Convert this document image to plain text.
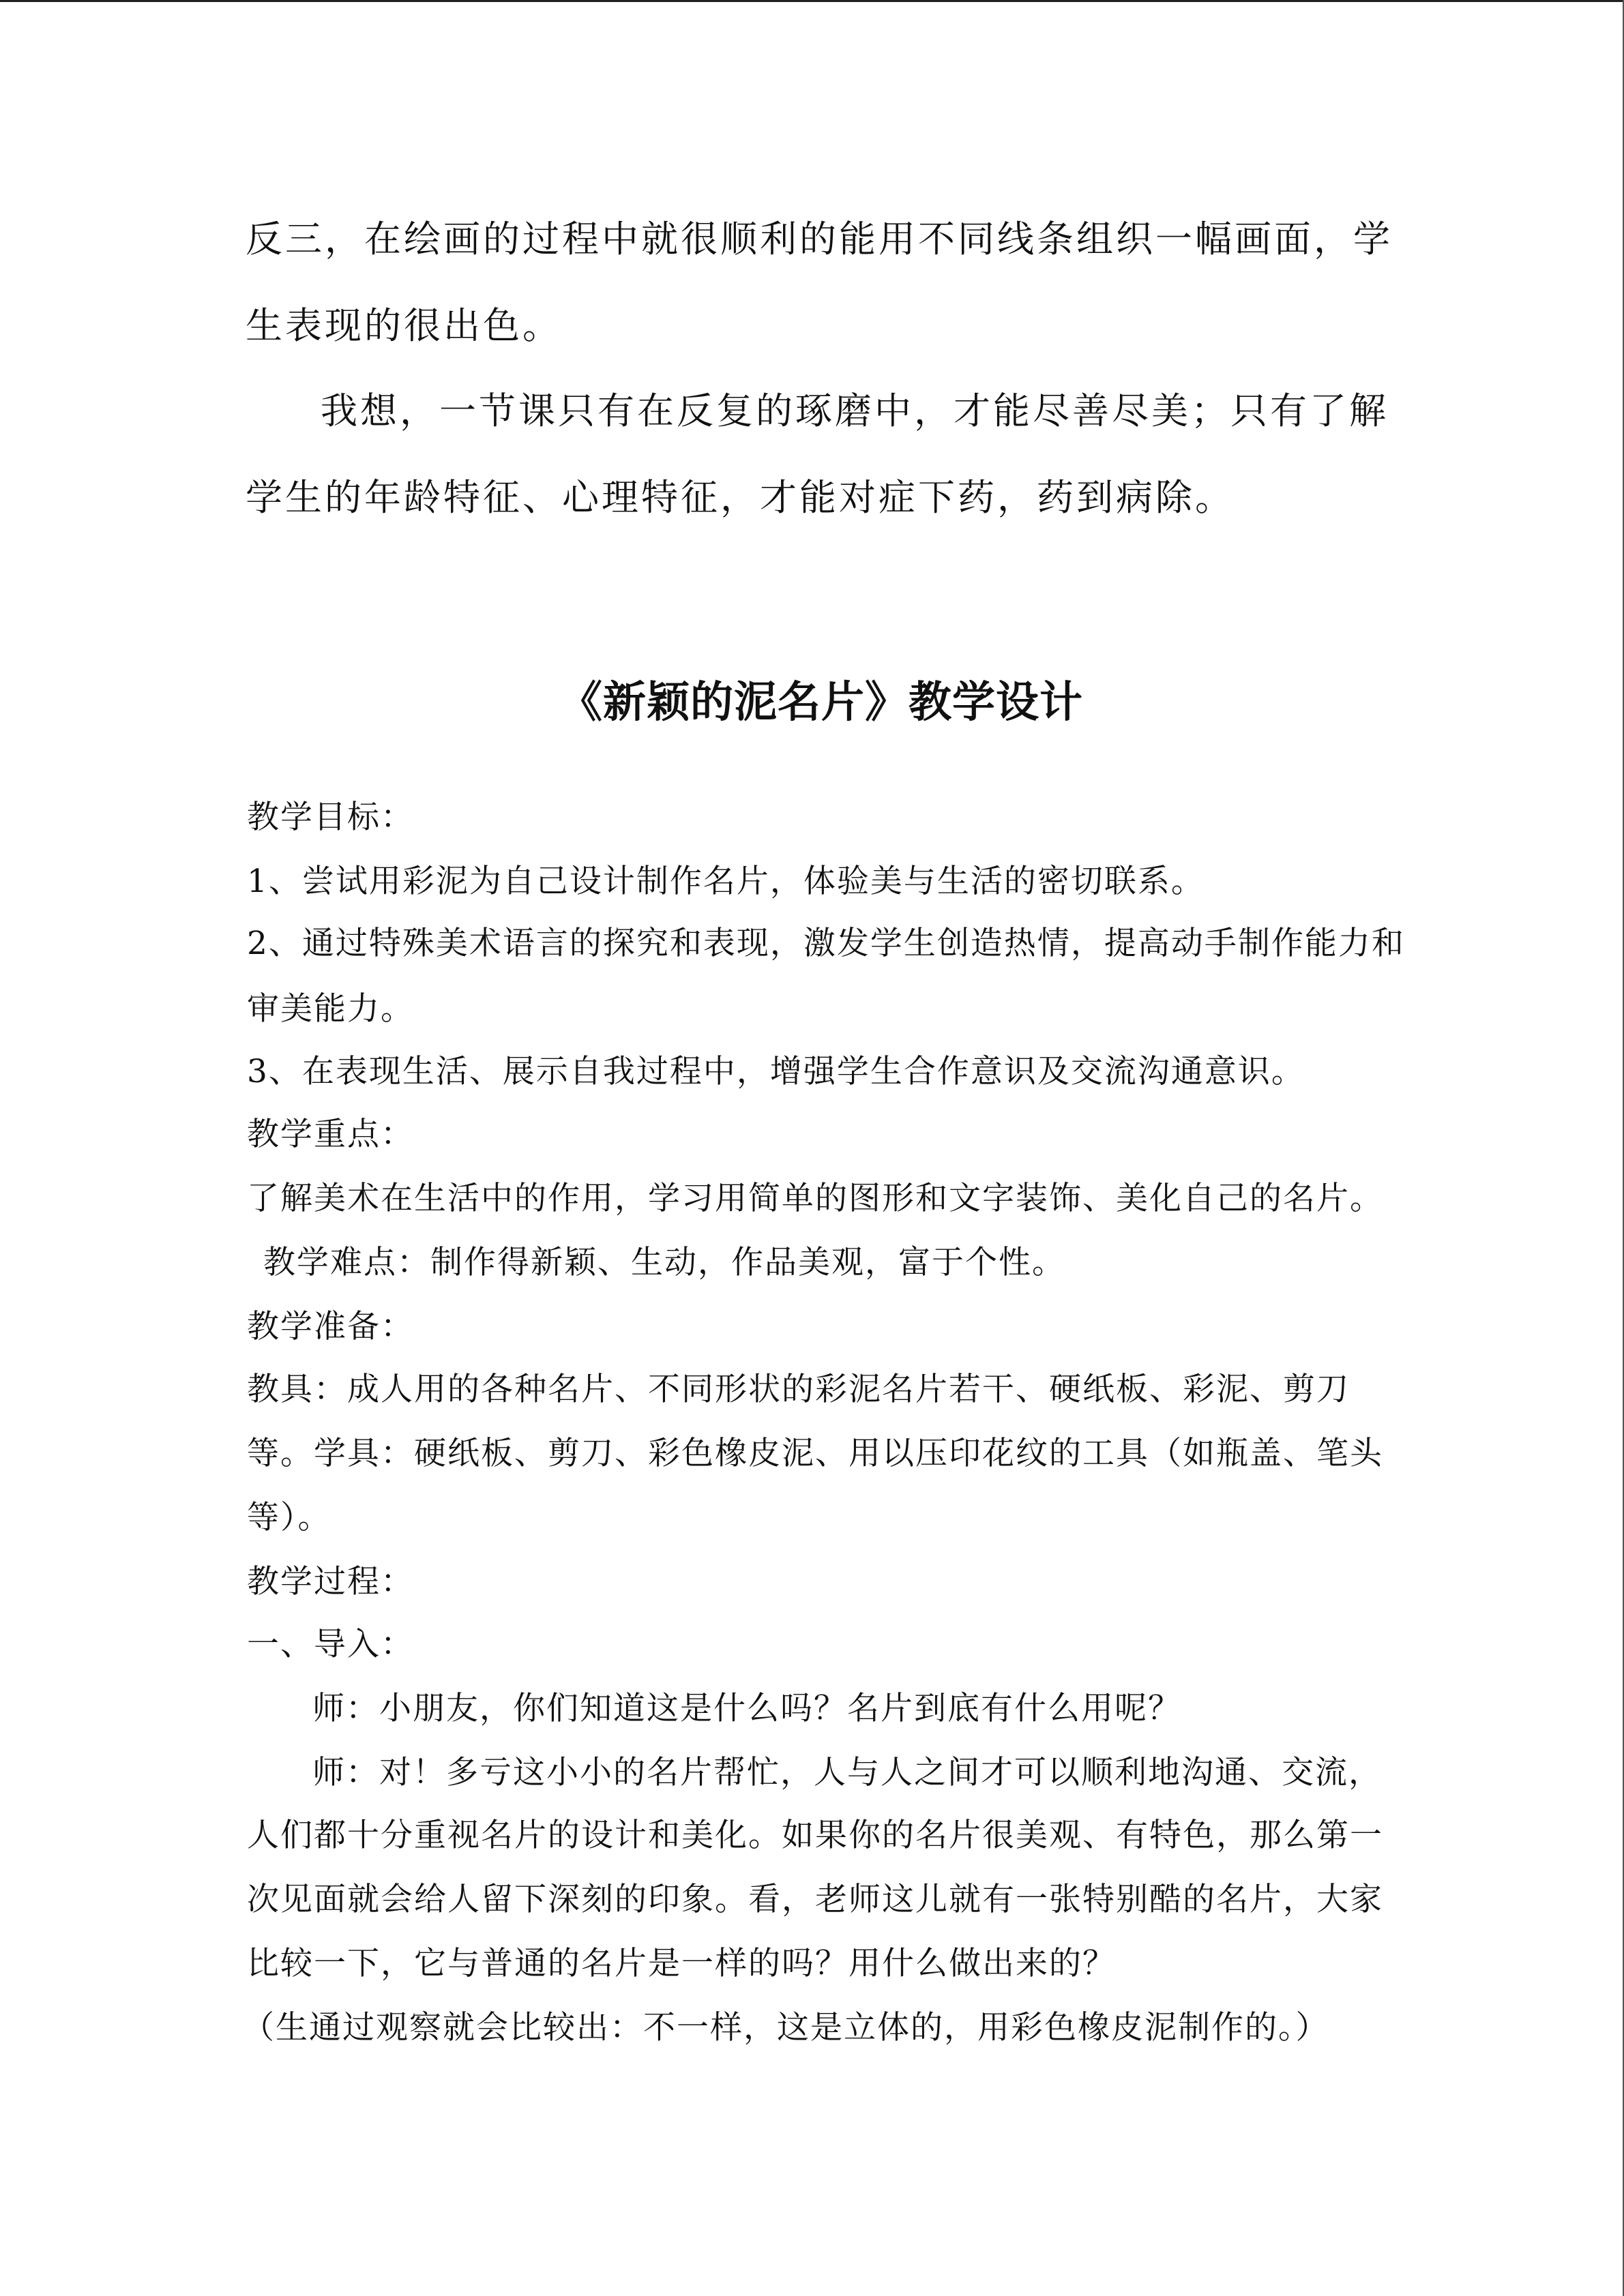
反三，在绘画的过程中就很顺利的能用不同线条组织一幅画面，学
生表现的很出色。
我想，一节课只有在反复的琢磨中，才能尽善尽美；只有了解
学生的年龄特征、心理特征，才能对症下药，药到病除。
《新颖的泥名片》教学设计
教学目标：
1、尝试用彩泥为自己设计制作名片，体验美与生活的密切联系。
2、通过特殊美术语言的探究和表现，激发学生创造热情，提高动手制作能力和
审美能力。
3、在表现生活、展示自我过程中，增强学生合作意识及交流沟通意识。
教学重点：
了解美术在生活中的作用，学习用简单的图形和文字装饰、美化自己的名片。
教学难点：制作得新颖、生动，作品美观，富于个性。
教学准备：
教具：成人用的各种名片、不同形状的彩泥名片若干、硬纸板、彩泥、剪刀
等。学具：硬纸板、剪刀、彩色橡皮泥、用以压印花纹的工具（如瓶盖、笔头
等）。
教学过程：
一、导入：
师：小朋友，你们知道这是什么吗？名片到底有什么用呢？
师：对！多亏这小小的名片帮忙，人与人之间才可以顺利地沟通、交流，
人们都十分重视名片的设计和美化。如果你的名片很美观、有特色，那么第一
次见面就会给人留下深刻的印象。看，老师这儿就有一张特别酷的名片，大家
比较一下，它与普通的名片是一样的吗？用什么做出来的？
（生通过观察就会比较出：不一样，这是立体的，用彩色橡皮泥制作的。）
